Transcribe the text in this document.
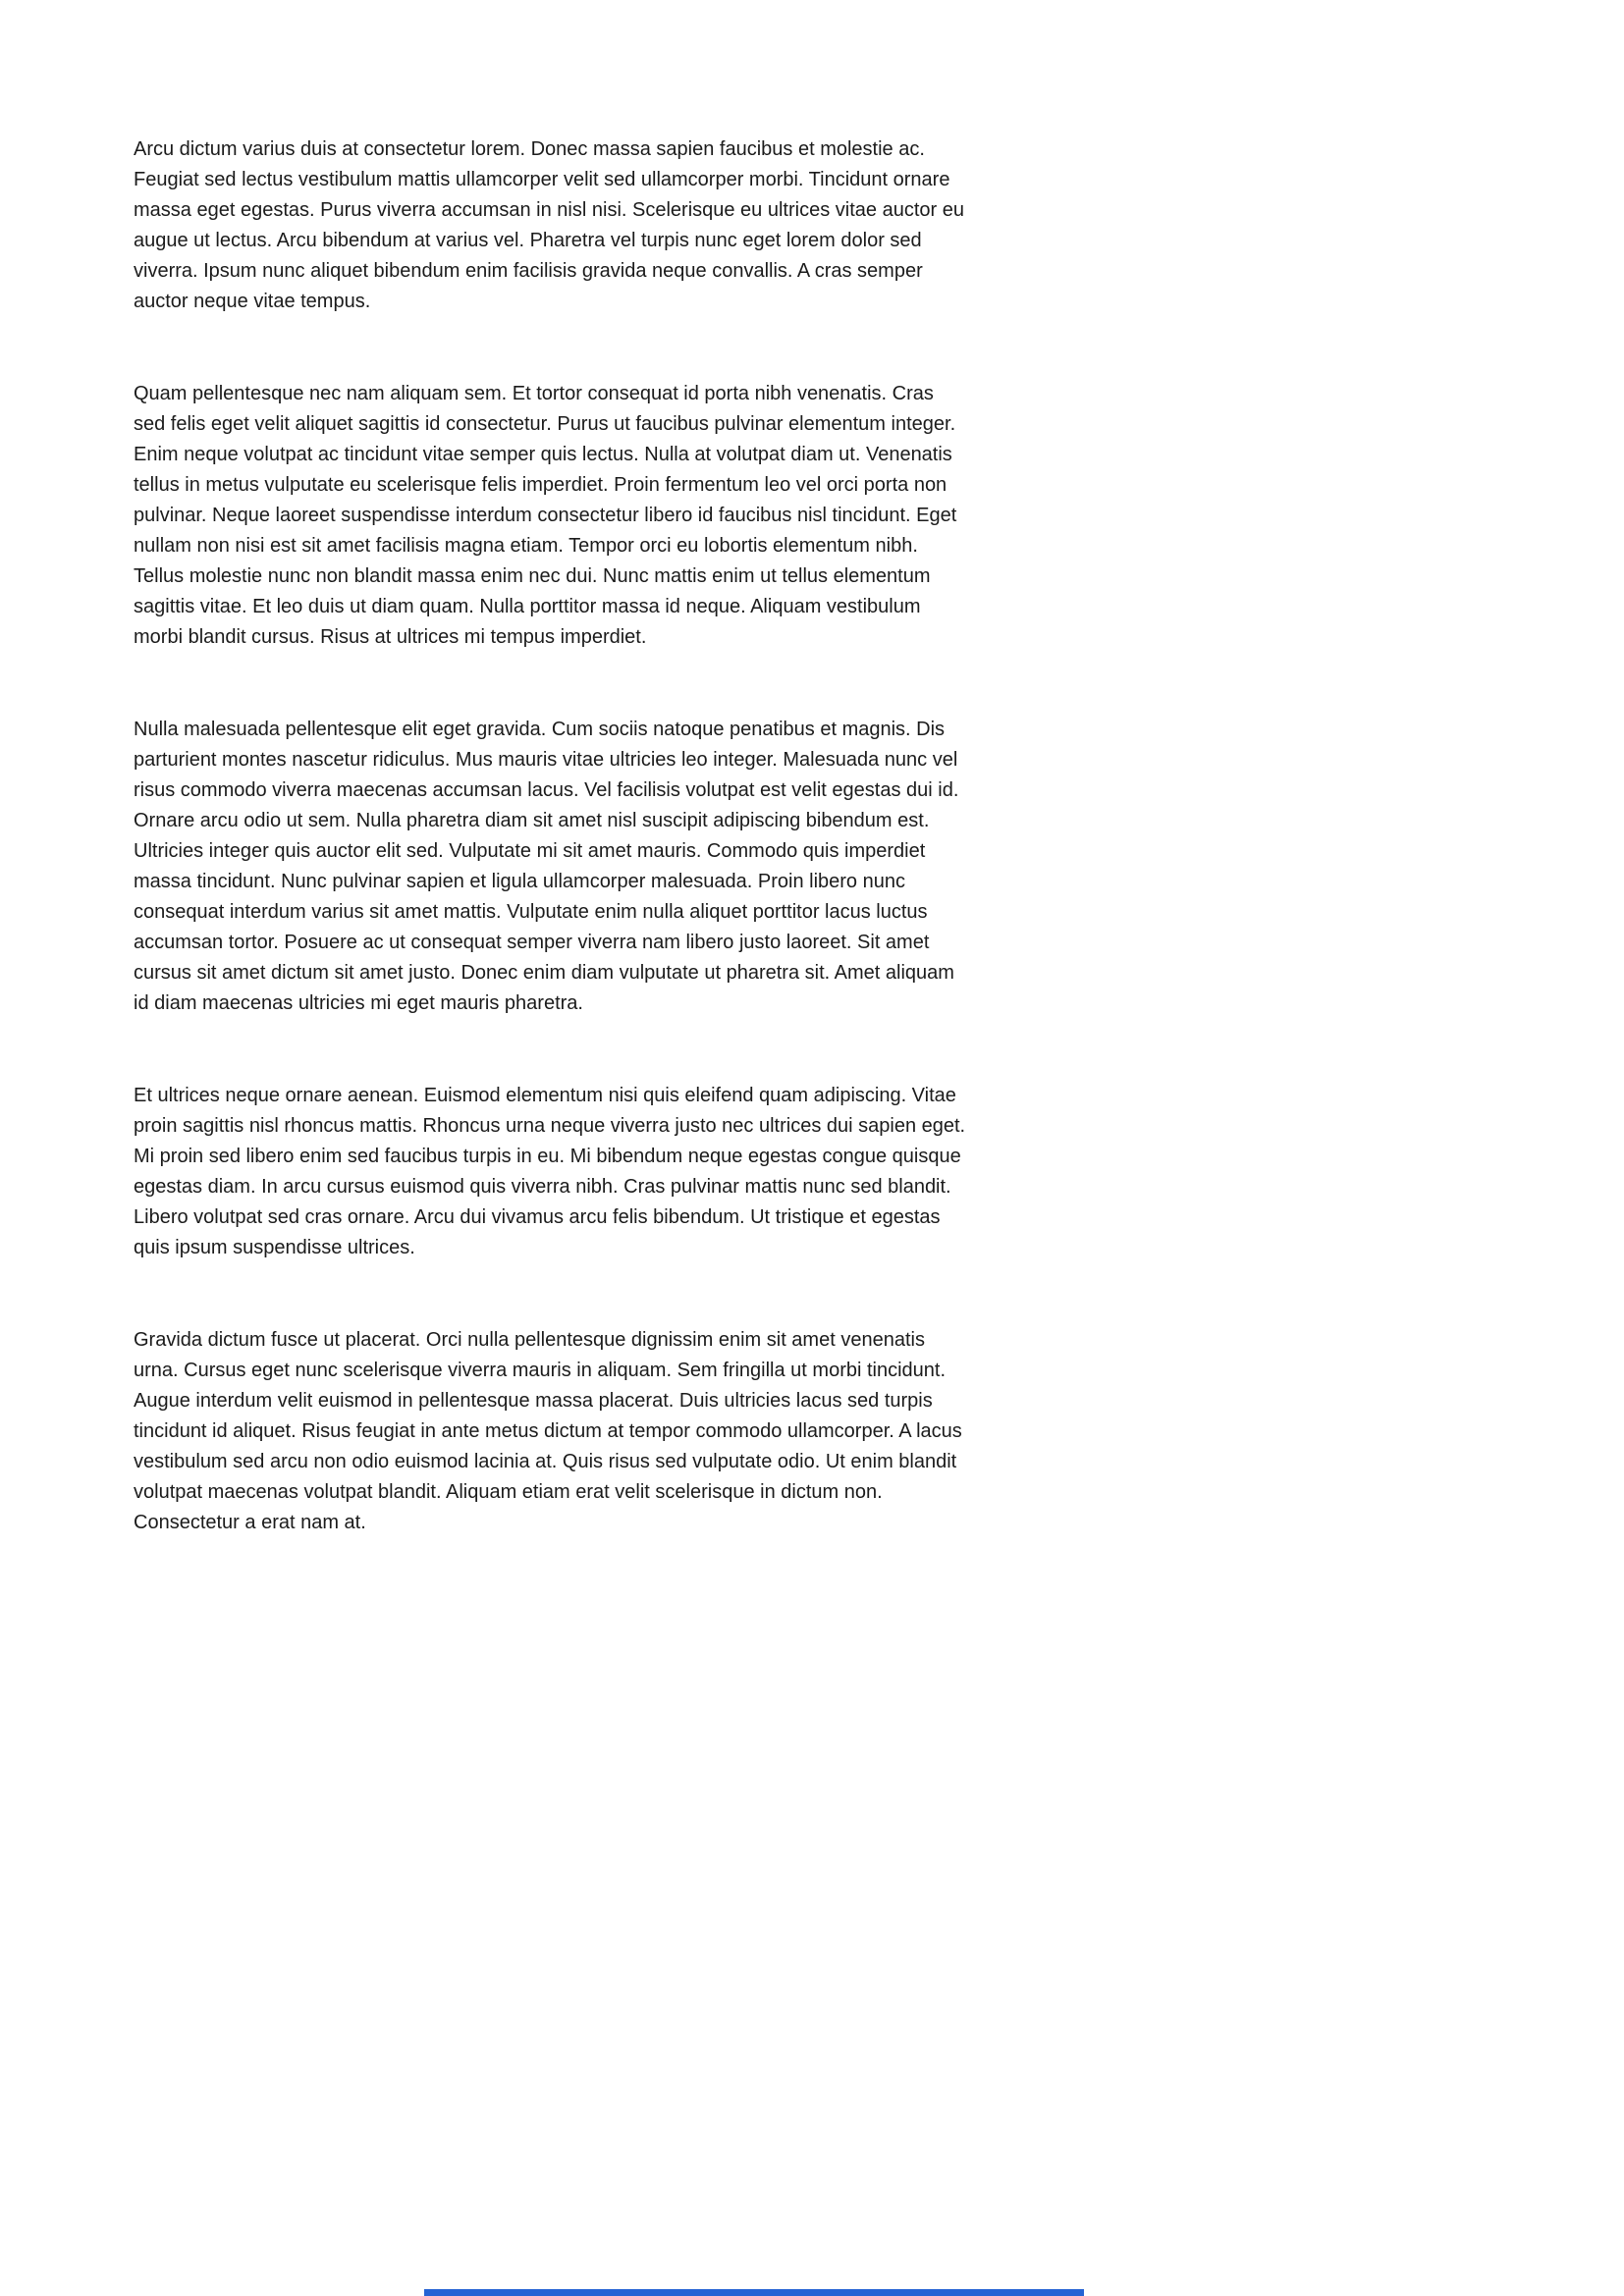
Arcu dictum varius duis at consectetur lorem. Donec massa sapien faucibus et molestie ac. Feugiat sed lectus vestibulum mattis ullamcorper velit sed ullamcorper morbi. Tincidunt ornare massa eget egestas. Purus viverra accumsan in nisl nisi. Scelerisque eu ultrices vitae auctor eu augue ut lectus. Arcu bibendum at varius vel. Pharetra vel turpis nunc eget lorem dolor sed viverra. Ipsum nunc aliquet bibendum enim facilisis gravida neque convallis. A cras semper auctor neque vitae tempus.

Quam pellentesque nec nam aliquam sem. Et tortor consequat id porta nibh venenatis. Cras sed felis eget velit aliquet sagittis id consectetur. Purus ut faucibus pulvinar elementum integer. Enim neque volutpat ac tincidunt vitae semper quis lectus. Nulla at volutpat diam ut. Venenatis tellus in metus vulputate eu scelerisque felis imperdiet. Proin fermentum leo vel orci porta non pulvinar. Neque laoreet suspendisse interdum consectetur libero id faucibus nisl tincidunt. Eget nullam non nisi est sit amet facilisis magna etiam. Tempor orci eu lobortis elementum nibh. Tellus molestie nunc non blandit massa enim nec dui. Nunc mattis enim ut tellus elementum sagittis vitae. Et leo duis ut diam quam. Nulla porttitor massa id neque. Aliquam vestibulum morbi blandit cursus. Risus at ultrices mi tempus imperdiet.

Nulla malesuada pellentesque elit eget gravida. Cum sociis natoque penatibus et magnis. Dis parturient montes nascetur ridiculus. Mus mauris vitae ultricies leo integer. Malesuada nunc vel risus commodo viverra maecenas accumsan lacus. Vel facilisis volutpat est velit egestas dui id. Ornare arcu odio ut sem. Nulla pharetra diam sit amet nisl suscipit adipiscing bibendum est. Ultricies integer quis auctor elit sed. Vulputate mi sit amet mauris. Commodo quis imperdiet massa tincidunt. Nunc pulvinar sapien et ligula ullamcorper malesuada. Proin libero nunc consequat interdum varius sit amet mattis. Vulputate enim nulla aliquet porttitor lacus luctus accumsan tortor. Posuere ac ut consequat semper viverra nam libero justo laoreet. Sit amet cursus sit amet dictum sit amet justo. Donec enim diam vulputate ut pharetra sit. Amet aliquam id diam maecenas ultricies mi eget mauris pharetra.

Et ultrices neque ornare aenean. Euismod elementum nisi quis eleifend quam adipiscing. Vitae proin sagittis nisl rhoncus mattis. Rhoncus urna neque viverra justo nec ultrices dui sapien eget. Mi proin sed libero enim sed faucibus turpis in eu. Mi bibendum neque egestas congue quisque egestas diam. In arcu cursus euismod quis viverra nibh. Cras pulvinar mattis nunc sed blandit. Libero volutpat sed cras ornare. Arcu dui vivamus arcu felis bibendum. Ut tristique et egestas quis ipsum suspendisse ultrices.

Gravida dictum fusce ut placerat. Orci nulla pellentesque dignissim enim sit amet venenatis urna. Cursus eget nunc scelerisque viverra mauris in aliquam. Sem fringilla ut morbi tincidunt. Augue interdum velit euismod in pellentesque massa placerat. Duis ultricies lacus sed turpis tincidunt id aliquet. Risus feugiat in ante metus dictum at tempor commodo ullamcorper. A lacus vestibulum sed arcu non odio euismod lacinia at. Quis risus sed vulputate odio. Ut enim blandit volutpat maecenas volutpat blandit. Aliquam etiam erat velit scelerisque in dictum non. Consectetur a erat nam at.
